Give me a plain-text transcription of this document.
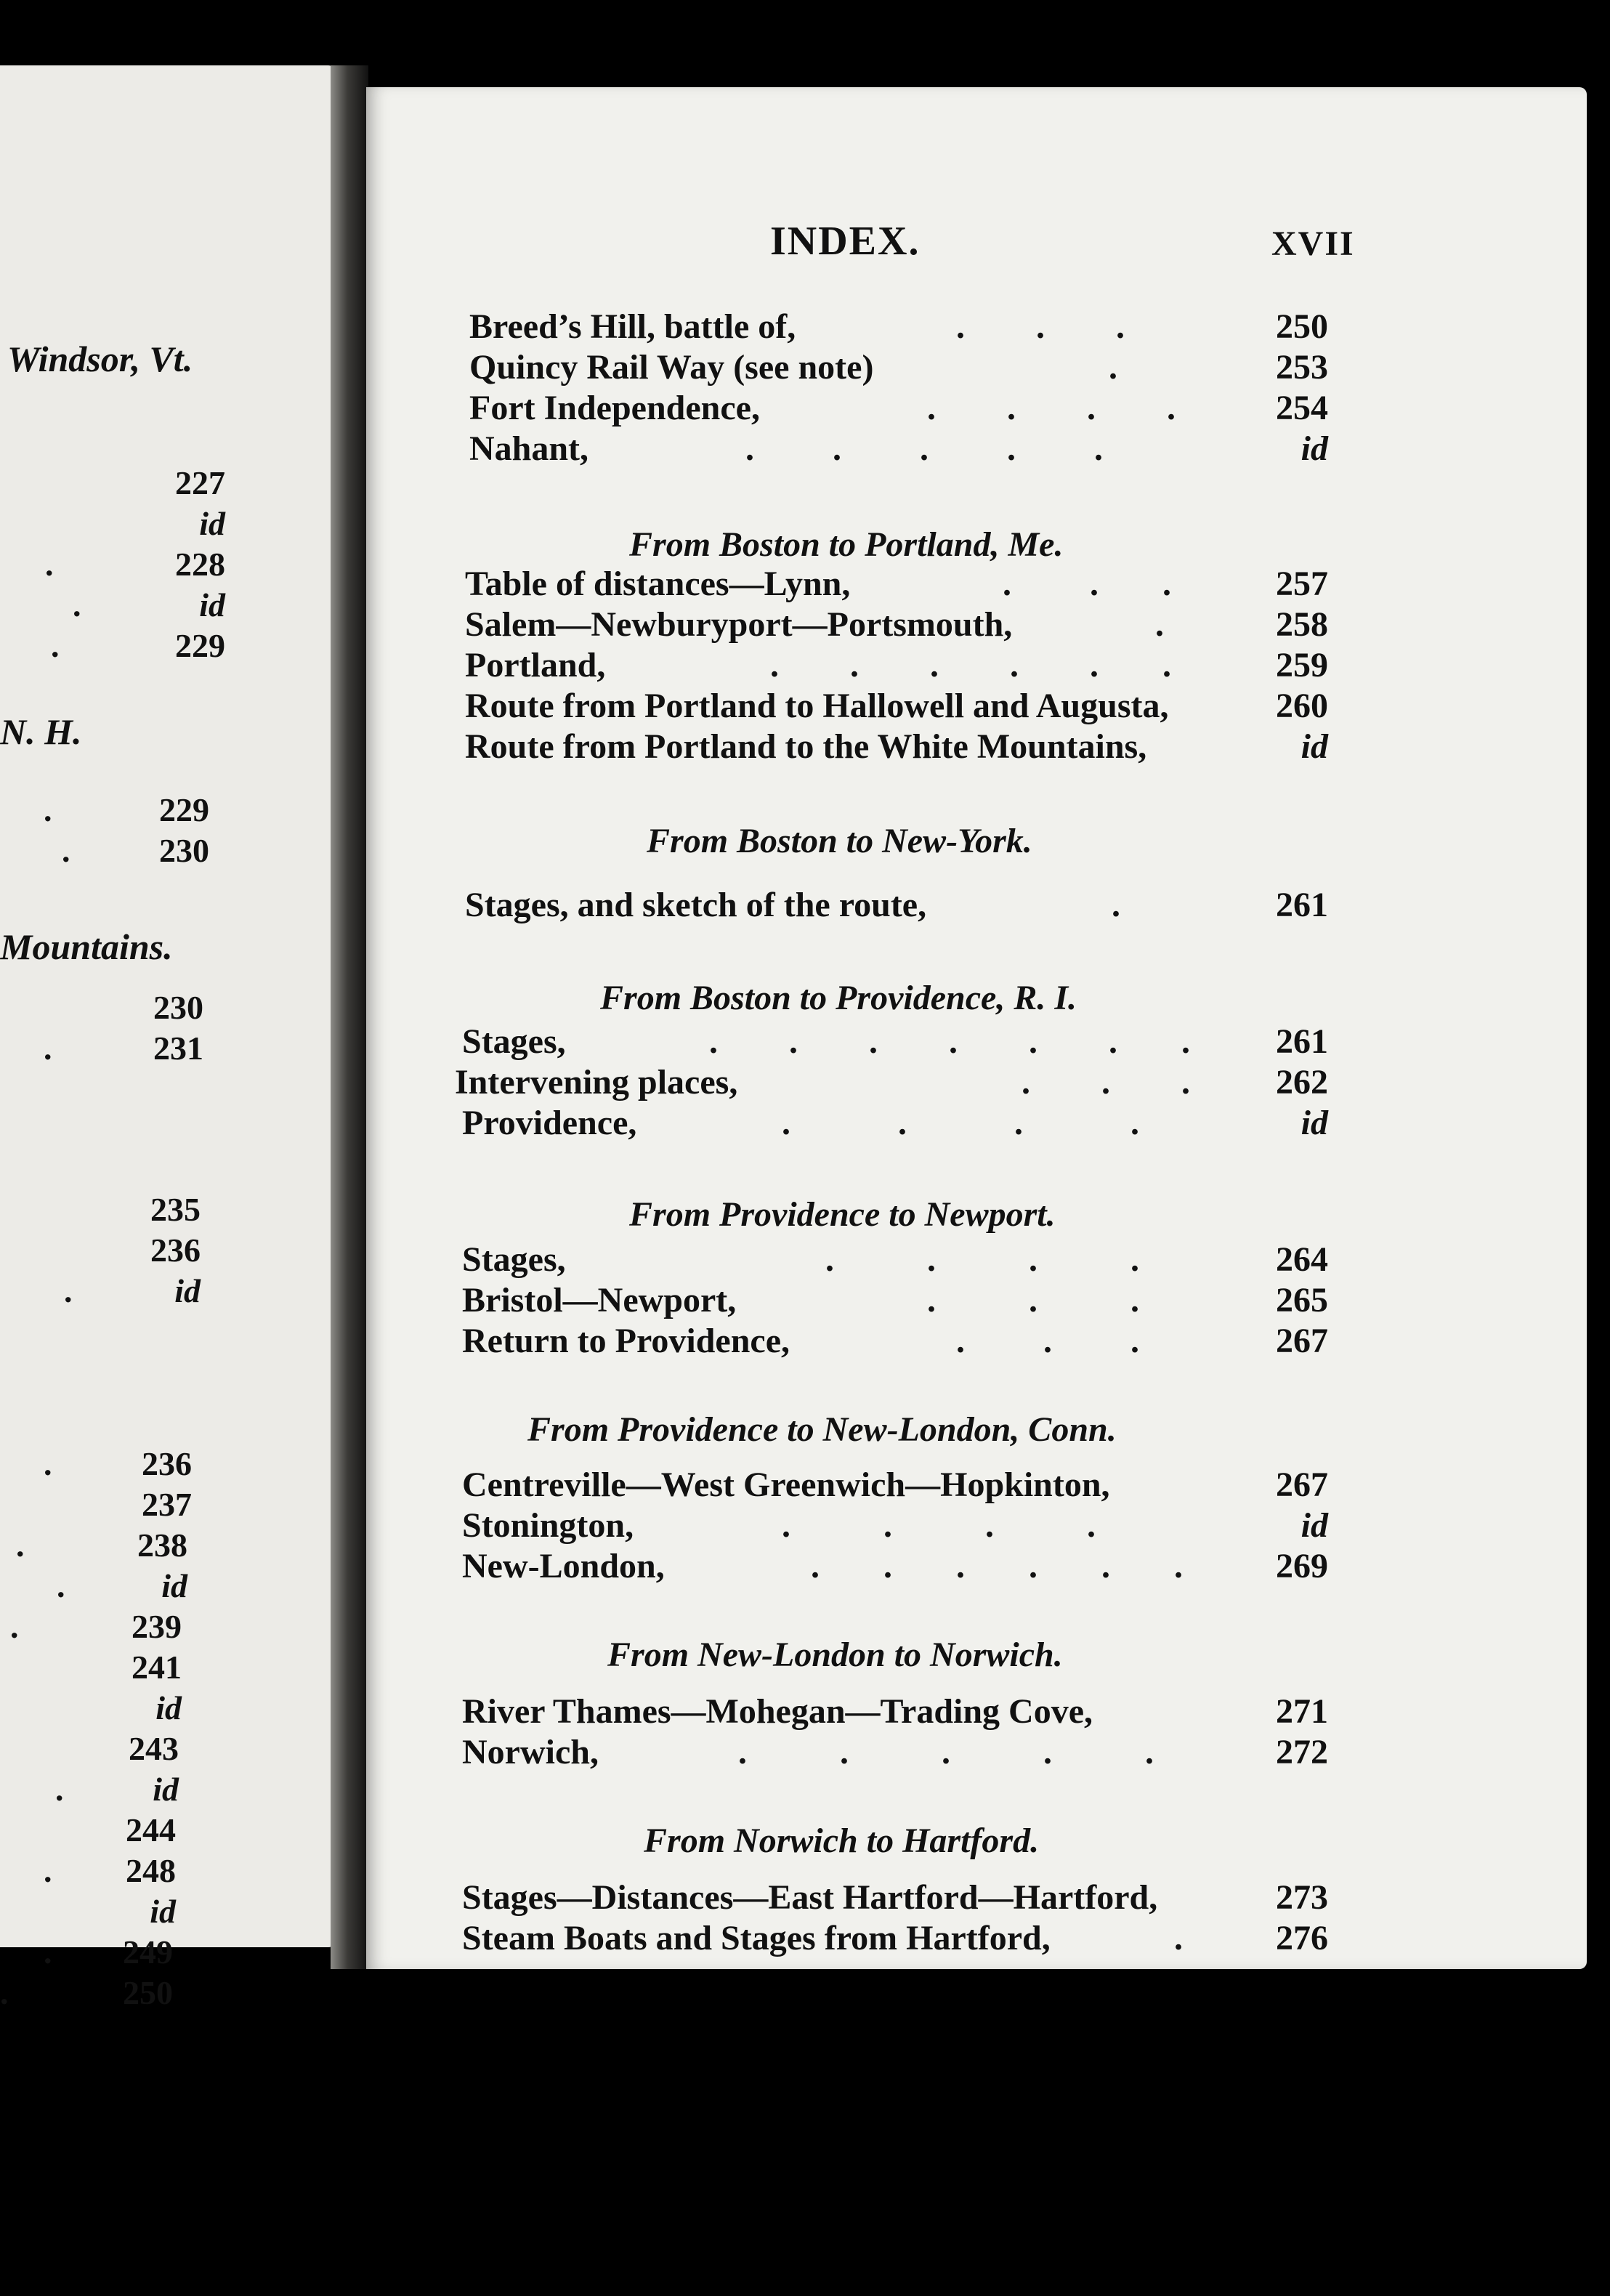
Windsor, Vt.
227
id
.	228
.	id
.	229
N. H.
.	229
.	230
Mountains.
230
.	231
235
236
.	id
.	236
237
.	238
.	id
.	239
241
id
243
.	id
244
.	248
id
.	249
.	250
INDEX.	XVII
Breed’s Hill, battle of,	. . .	250
Quincy Rail Way (see note)	.	253
Fort Independence,	. . . .	254
Nahant,	. . . . .	id
From Boston to Portland, Me.
Table of distances—Lynn,	. . .	257
Salem—Newburyport—Portsmouth,	.	258
Portland,	. . . . . .	259
Route from Portland to Hallowell and Augusta,	260
Route from Portland to the White Mountains,	id
From Boston to New-York.
Stages, and sketch of the route,	.	261
From Boston to Providence, R. I.
Stages,	. . . . . . .	261
Intervening places,	. . .	262
Providence,	.	.	.	.	id
From Providence to Newport.
Stages,	.	.	.	.	264
Bristol—Newport,	.	.	.	265
Return to Providence,	. . .	267
From Providence to New-London, Conn.
Centreville—West Greenwich—Hopkinton,	267
Stonington,	.	.	.	.	id
New-London,	. . . . . .	269
From New-London to Norwich.
River Thames—Mohegan—Trading Cove,	271
Norwich,	.	.	.	.	.	272
From Norwich to Hartford.
Stages—Distances—East Hartford—Hartford,	273
Steam Boats and Stages from Hartford,	.	276
